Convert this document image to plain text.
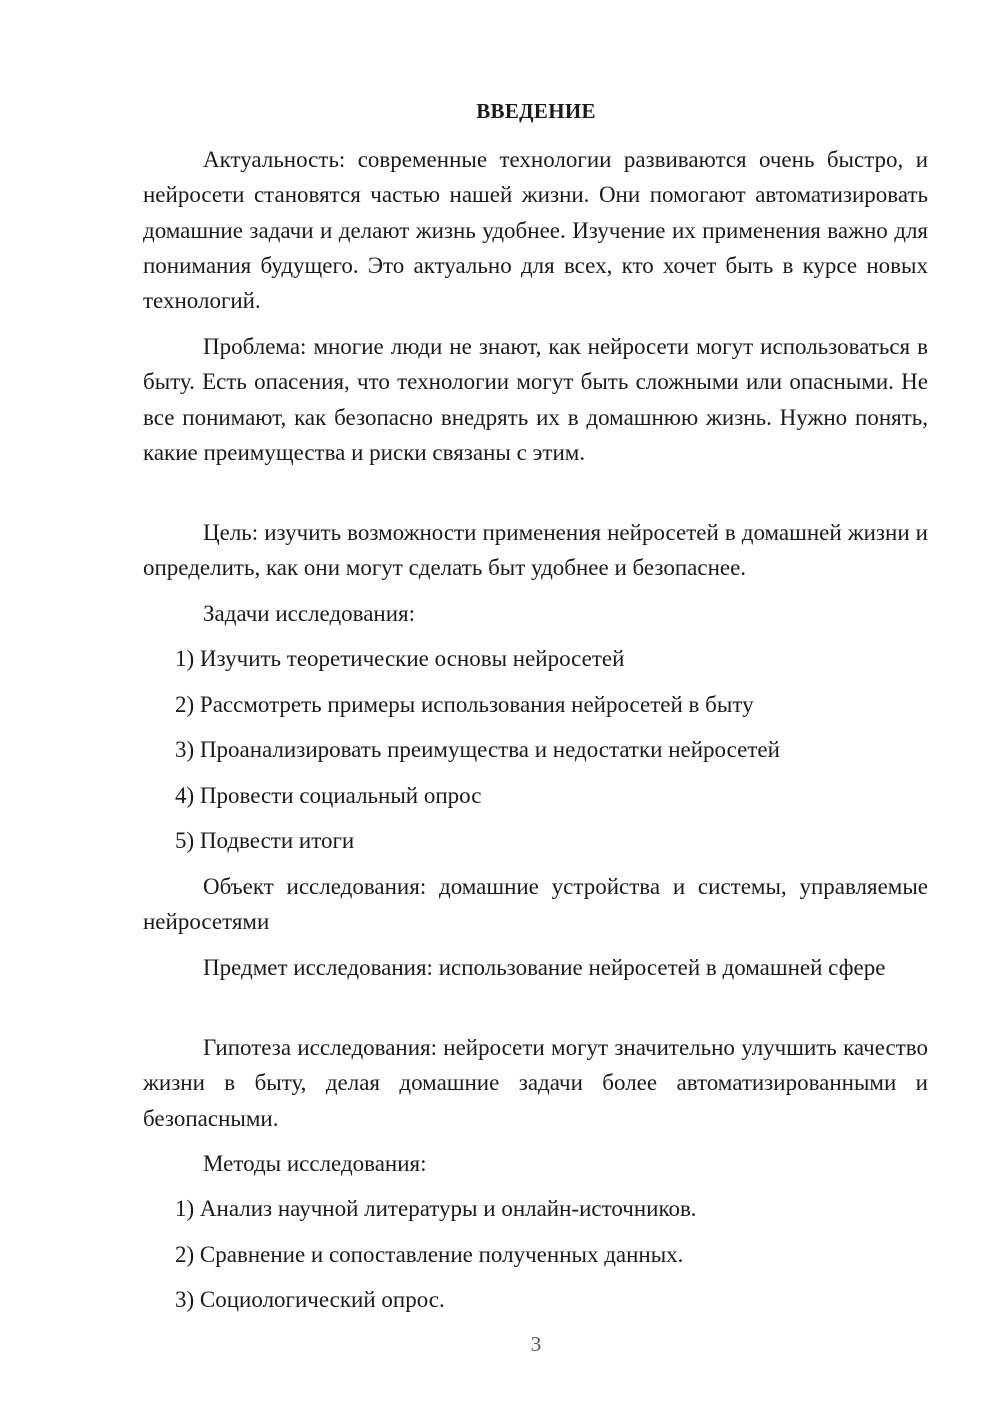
ВВЕДЕНИЕ

Актуальность: современные технологии развиваются очень быстро, и нейросети становятся частью нашей жизни. Они помогают автоматизировать домашние задачи и делают жизнь удобнее. Изучение их применения важно для понимания будущего. Это актуально для всех, кто хочет быть в курсе новых технологий.

Проблема: многие люди не знают, как нейросети могут использоваться в быту. Есть опасения, что технологии могут быть сложными или опасными. Не все понимают, как безопасно внедрять их в домашнюю жизнь. Нужно понять, какие преимущества и риски связаны с этим.

Цель: изучить возможности применения нейросетей в домашней жизни и определить, как они могут сделать быт удобнее и безопаснее.

Задачи исследования:

1) Изучить теоретические основы нейросетей

2) Рассмотреть примеры использования нейросетей в быту

3) Проанализировать преимущества и недостатки нейросетей

4) Провести социальный опрос

5) Подвести итоги

Объект исследования: домашние устройства и системы, управляемые нейросетями

Предмет исследования: использование нейросетей в домашней сфере

Гипотеза исследования: нейросети могут значительно улучшить качество жизни в быту, делая домашние задачи более автоматизированными и безопасными.

Методы исследования:

1) Анализ научной литературы и онлайн-источников.

2) Сравнение и сопоставление полученных данных.

3) Социологический опрос.

3
